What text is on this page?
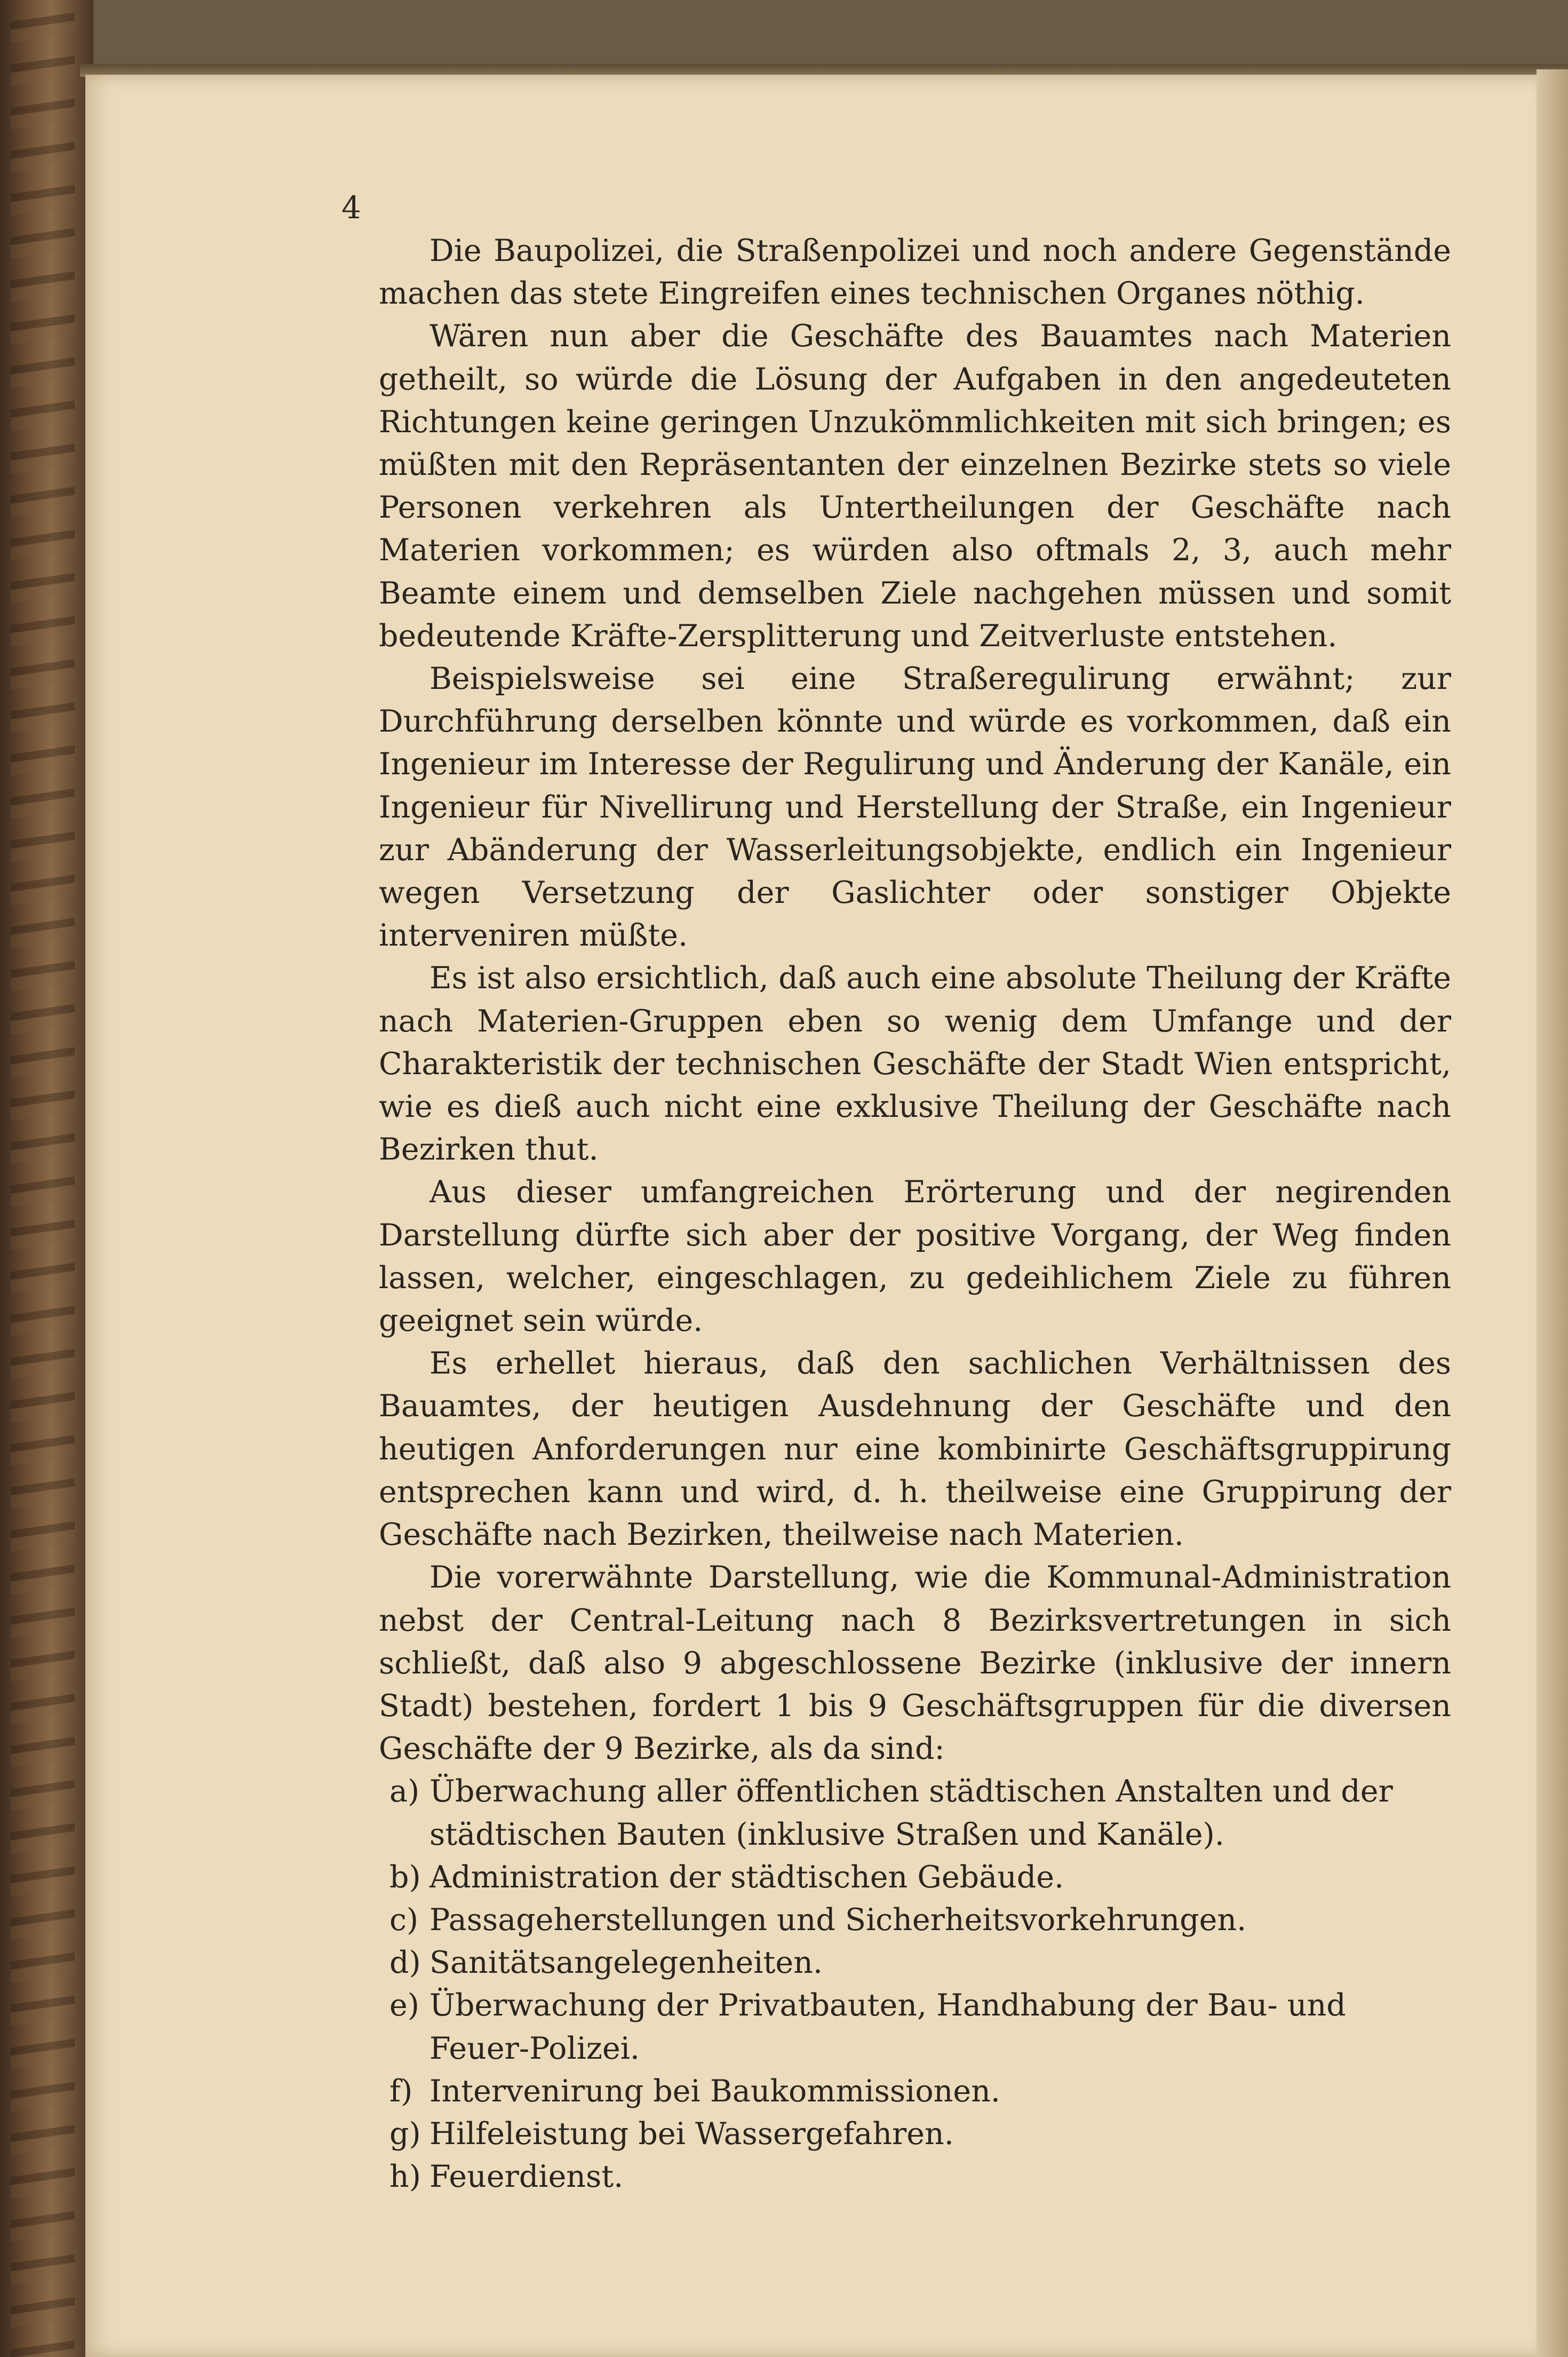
4

Die Baupolizei, die Straßenpolizei und noch andere Gegenstände machen das stete Eingreifen eines technischen Organes nöthig.

Wären nun aber die Geschäfte des Bauamtes nach Materien getheilt, so würde die Lösung der Aufgaben in den angedeuteten Richtungen keine geringen Unzukömmlichkeiten mit sich bringen; es müßten mit den Repräsentanten der einzelnen Bezirke stets so viele Personen verkehren als Untertheilungen der Geschäfte nach Materien vorkommen; es würden also oftmals 2, 3, auch mehr Beamte einem und demselben Ziele nachgehen müssen und somit bedeutende Kräfte-Zersplitterung und Zeitverluste entstehen.

Beispielsweise sei eine Straßeregulirung erwähnt; zur Durchführung derselben könnte und würde es vorkommen, daß ein Ingenieur im Interesse der Regulirung und Änderung der Kanäle, ein Ingenieur für Nivellirung und Herstellung der Straße, ein Ingenieur zur Abänderung der Wasserleitungsobjekte, endlich ein Ingenieur wegen Versetzung der Gaslichter oder sonstiger Objekte interveniren müßte.

Es ist also ersichtlich, daß auch eine absolute Theilung der Kräfte nach Materien-Gruppen eben so wenig dem Umfange und der Charakteristik der technischen Geschäfte der Stadt Wien entspricht, wie es dieß auch nicht eine exklusive Theilung der Geschäfte nach Bezirken thut.

Aus dieser umfangreichen Erörterung und der negirenden Darstellung dürfte sich aber der positive Vorgang, der Weg finden lassen, welcher, eingeschlagen, zu gedeihlichem Ziele zu führen geeignet sein würde.

Es erhellet hieraus, daß den sachlichen Verhältnissen des Bauamtes, der heutigen Ausdehnung der Geschäfte und den heutigen Anforderungen nur eine kombinirte Geschäftsgruppirung entsprechen kann und wird, d. h. theilweise eine Gruppirung der Geschäfte nach Bezirken, theilweise nach Materien.

Die vorerwähnte Darstellung, wie die Kommunal-Administration nebst der Central-Leitung nach 8 Bezirksvertretungen in sich schließt, daß also 9 abgeschlossene Bezirke (inklusive der innern Stadt) bestehen, fordert 1 bis 9 Geschäftsgruppen für die diversen Geschäfte der 9 Bezirke, als da sind:

a) Überwachung aller öffentlichen städtischen Anstalten und der städtischen Bauten (inklusive Straßen und Kanäle).
b) Administration der städtischen Gebäude.
c) Passageherstellungen und Sicherheitsvorkehrungen.
d) Sanitätsangelegenheiten.
e) Überwachung der Privatbauten, Handhabung der Bau- und Feuer-Polizei.
f) Intervenirung bei Baukommissionen.
g) Hilfeleistung bei Wassergefahren.
h) Feuerdienst.
